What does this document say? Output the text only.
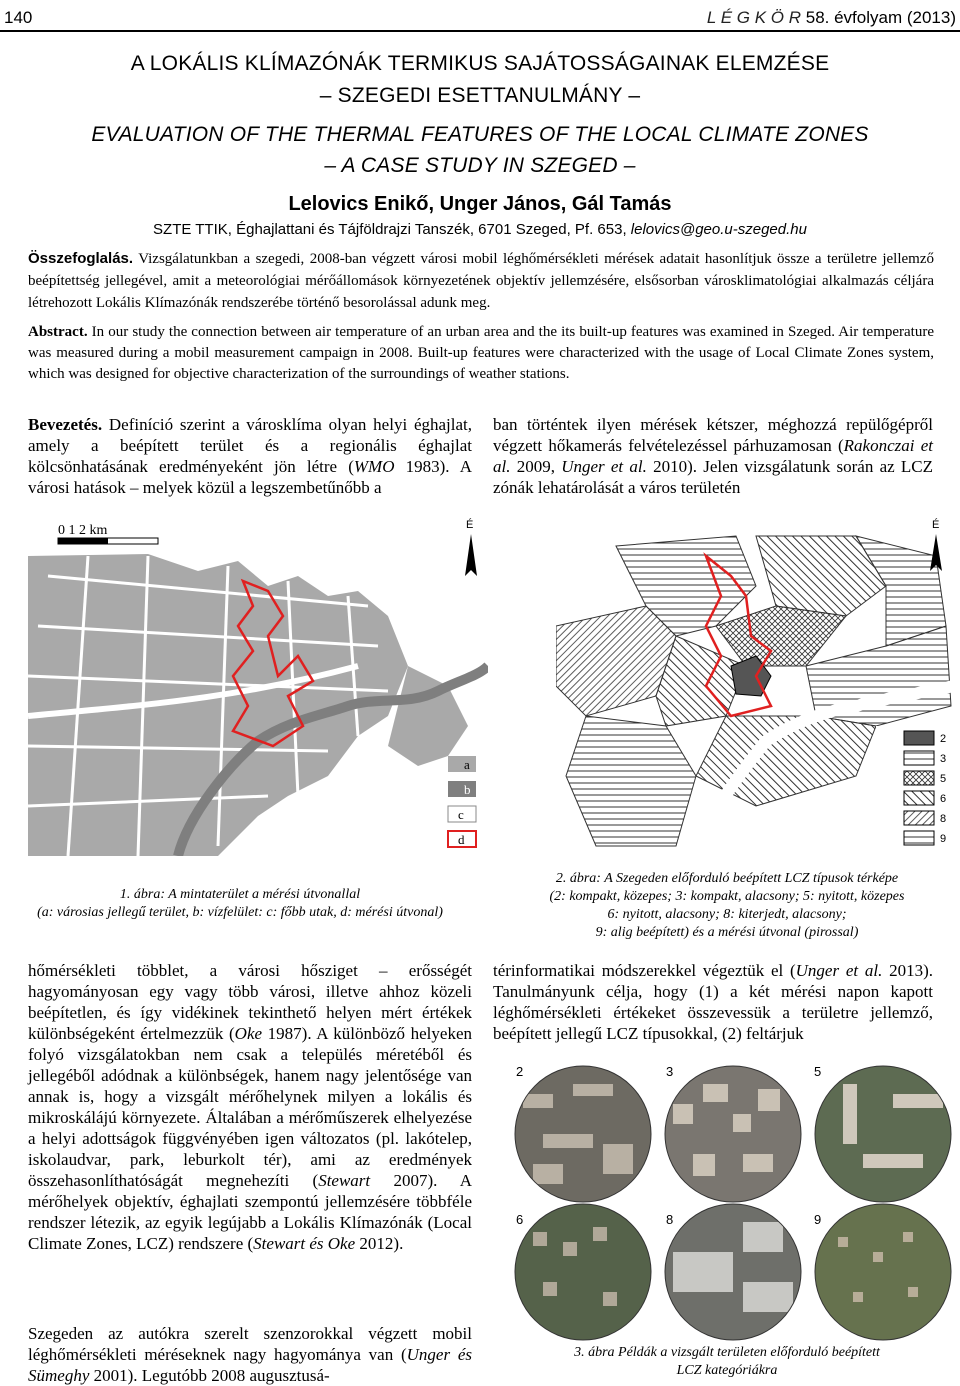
140	L É G K Ö R 58. évfolyam (2013)
A LOKÁLIS KLÍMAZÓNÁK TERMIKUS SAJÁTOSSÁGAINAK ELEMZÉSE
– SZEGEDI ESETTANULMÁNY –
EVALUATION OF THE THERMAL FEATURES OF THE LOCAL CLIMATE ZONES
– A CASE STUDY IN SZEGED –
Lelovics Enikő, Unger János, Gál Tamás
SZTE TTIK, Éghajlattani és Tájföldrajzi Tanszék, 6701 Szeged, Pf. 653, lelovics@geo.u-szeged.hu
Összefoglalás. Vizsgálatunkban a szegedi, 2008-ban végzett városi mobil léghőmérsékleti mérések adatait hasonlítjuk össze a területre jellemző beépítettség jellegével, amit a meteorológiai mérőállomások környezetének objektív jellemzésére, elsősorban városklimatológiai alkalmazás céljára létrehozott Lokális Klímazónák rendszerébe történő besorolással adunk meg.
Abstract. In our study the connection between air temperature of an urban area and the its built-up features was examined in Szeged. Air temperature was measured during a mobil measurement campaign in 2008. Built-up features were characterized with the usage of Local Climate Zones system, which was designed for objective characterization of the surroundings of weather stations.
Bevezetés. Definíció szerint a városklíma olyan helyi éghajlat, amely a beépített terület és a regionális éghajlat kölcsönhatásának eredményeként jön létre (WMO 1983). A városi hatások – melyek közül a legszembetűnőbb a
ban történtek ilyen mérések kétszer, méghozzá repülőgépről végzett hőkamerás felvételezéssel párhuzamosan (Rakonczai et al. 2009, Unger et al. 2010). Jelen vizsgálatunk során az LCZ zónák lehatárolását a város területén
0 1 2 km	É
a
b
c
d
É
2
3
5
6
8
9
1. ábra: A mintaterület a mérési útvonallal
(a: városias jellegű terület, b: vízfelület: c: főbb utak, d: mérési útvonal)
2. ábra: A Szegeden előforduló beépített LCZ típusok térképe
(2: kompakt, közepes; 3: kompakt, alacsony; 5: nyitott, közepes
6: nyitott, alacsony; 8: kiterjedt, alacsony;
9: alig beépített) és a mérési útvonal (pirossal)
hőmérsékleti többlet, a városi hősziget – erősségét hagyományosan egy vagy több városi, illetve ahhoz közeli beépítetlen, és így vidékinek tekinthető helyen mért értékek különbségeként értelmezzük (Oke 1987). A különböző helyeken folyó vizsgálatokban nem csak a település méretéből és jellegéből adódnak a különbségek, hanem nagy jelentősége van annak is, hogy a vizsgált mérőhelynek milyen a lokális és mikroskálájú környezete. Általában a mérőműszerek elhelyezése a helyi adottságok függvényében igen változatos (pl. lakótelep, iskolaudvar, park, leburkolt tér), ami az eredmények összehasonlíthatóságát megnehezíti (Stewart 2007). A mérőhelyek objektív, éghajlati szempontú jellemzésére többféle rendszer létezik, az egyik legújabb a Lokális Klímazónák (Local Climate Zones, LCZ) rendszere (Stewart és Oke 2012).
Szegeden az autókra szerelt szenzorokkal végzett mobil léghőmérsékleti méréseknek nagy hagyománya van (Unger és Sümeghy 2001). Legutóbb 2008 augusztusá-
térinformatikai módszerekkel végeztük el (Unger et al. 2013). Tanulmányunk célja, hogy (1) a két mérési napon kapott léghőmérsékleti értékeket összevessük a területre jellemző, beépített jellegű LCZ típusokkal, (2) feltárjuk
2	3	5
6	8	9
3. ábra Példák a vizsgált területen előforduló beépített
LCZ kategóriákra
